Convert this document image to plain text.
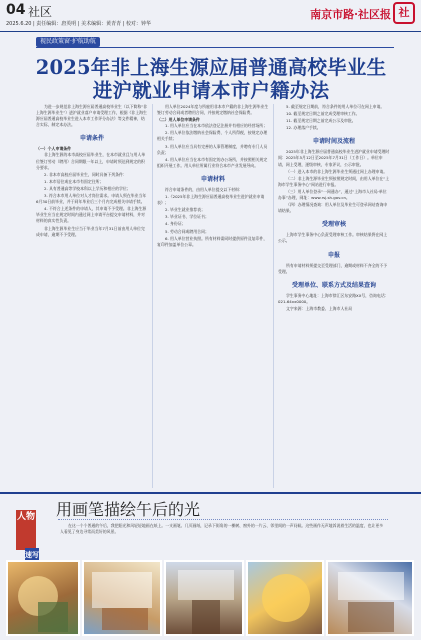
04 社区
2025.6.20 | 责任编辑：唐英明 | 美术编辑：黄青青 | 校对：钟华
南京市路·社区报 社
视民政策窗·护航助航
2025年非上海生源应届普通高校毕业生
进沪就业申请本市户籍办法
为进一步规范非上海生源应届普通高校毕业生（以下简称“非上海生源毕业生”）进沪就业落户申请受理工作，根据《非上海生源应届普通高校毕业生进入本市工作评分办法》等文件精神，结合实际，制定本办法。
申请条件
（一）个人申请条件
非上海生源的本市高校应届毕业生，在本市就业且与用人单位签订劳动（聘用）合同期限一年以上，申请时须达到规定的积分要求。
2. 非本市高校应届毕业生，同时具备下列条件：
1. 本市居住或在本市有固定住所；
2. 具有普通高等学校本科以上学历和相应的学位；
3. 符合本市用人单位对人才岗位需求。申请人须在毕业当年6月30日前毕业，并于同年毕业后三个月内完成相关申请手续。
4. 不符合上述条件的申请人，其申请不予受理。非上海生源毕业生应当在规定时间内通过网上申请平台提交申请材料，并对材料的真实性负责。
非上海生源毕业生应当于毕业当年7月31日前由用人单位完成申请，逾期不予受理。
用人单位2024年度与所雇用非本市户籍的非上海生源毕业生签订劳动合同或者聘用合同，并按规定缴纳社会保险费。
（二）用人单位申请条件
1. 用人单位应当在本市依法登记注册并有相应的经营场所；
2. 用人单位依法缴纳社会保险费、个人所得税，按规定办理相关手续；
3. 用人单位应当具有完善的人事管理制度，并聘有专门人员负责；
4. 用人单位应当在本市有固定的办公场所，并按照相关规定组织开展工作。用人单位所属行业符合本市产业发展导向。
申请材料
符合申请条件的，由用人单位提交以下材料：
1.《2025年非上海生源应届普通高校毕业生进沪就业申请表》；
2. 毕业生就业推荐表；
3. 毕业证书、学位证书；
4. 身份证；
5. 劳动合同或聘用合同；
6. 用人单位营业执照。所有材料需同时提供原件及复印件，复印件加盖单位公章。
5. 截至规定日期前，符合条件的用人单位可在网上申请。
10. 截至规定日期之前完成受理审核工作。
11. 截至规定日期之前完成公示及审批。
12. 办理落户手续。
申请时间及流程
2025年非上海生源应届普通高校毕业生进沪就业申请受理时间：2025年5月12日至2025年7月31日（工作日）。单位申请，网上受理，逐级审核，专家评议，公示审批。
（一）进入本市的非上海生源毕业生须通过网上办理申请。
（二）非上海生源毕业生须按照规定时间，由用人单位在“上海市学生事务中心”网站进行申报。
（三）用人单位登录“一网通办”，通过“上海市人社局·单位办事”办理，网址：www.rsj.sh.gov.cn。
（四）办理情况查询：用人单位及毕业生可登录网站查询申请结果。
受理审核
上海市学生事务中心负责受理审核工作。审核结果将在网上公示。
申报
所有申请材料须提交至受理部门，逾期或材料不齐全的不予受理。
受理单位、联系方式及结果查询
学生事务中心地址：上海市徐汇区东安路XX号，咨询电话：021-64xx0000。
文字来源：上海市教委、上海市人社局
人物
速写
用画笔描绘午后的光
在这一个个普通的午后，我把阳光和风轻轻地画在纸上。一支画笔、几页画纸，记录下街角的一棵树、窗外的一片云、邻里间的一声问候。这些画作无声地诉说着生活的温度，也让更多人看见了身边寻常而美好的风景。
